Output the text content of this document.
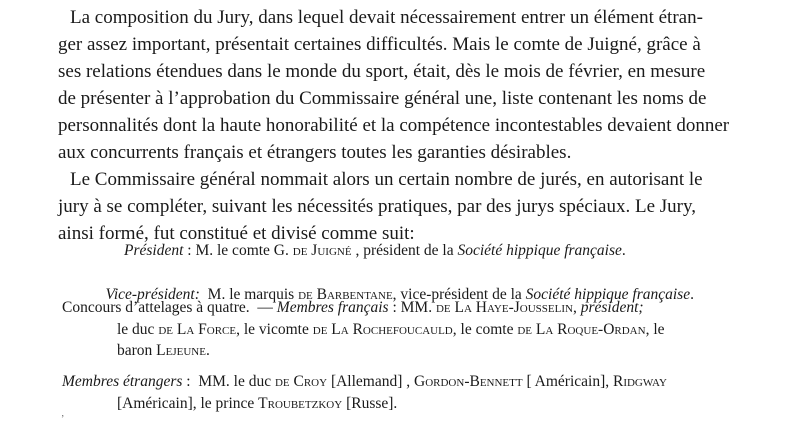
La composition du Jury, dans lequel devait nécessairement entrer un élément étran-
ger assez important, présentait certaines difficultés. Mais le comte de Juigné, grâce à
ses relations étendues dans le monde du sport, était, dès le mois de février, en mesure
de présenter à l’approbation du Commissaire général une, liste contenant les noms de
personnalités dont la haute honorabilité et la compétence incontestables devaient donner
aux concurrents français et étrangers toutes les garanties désirables.
Le Commissaire général nommait alors un certain nombre de jurés, en autorisant le
jury à se compléter, suivant les nécessités pratiques, par des jurys spéciaux. Le Jury,
ainsi formé, fut constitué et divisé comme suit:
Président : M. le comte G. de Juigné , président de la Société hippique française.

Vice-président:  M. le marquis de Barbentane, vice-président de la Société hippique française.

Concours d’attelages à quatre.  — Membres français : MM. de La Haye-Jousselin, président;
le duc de La Force, le vicomte de La Rochefoucauld, le comte de La Roque-Ordan, le
baron Lejeune.
Membres étrangers :  MM. le duc de Croy [Allemand] , Gordon-Bennett [ Américain], Ridgway
[Américain], le prince Troubetzkoy [Russe].
’
